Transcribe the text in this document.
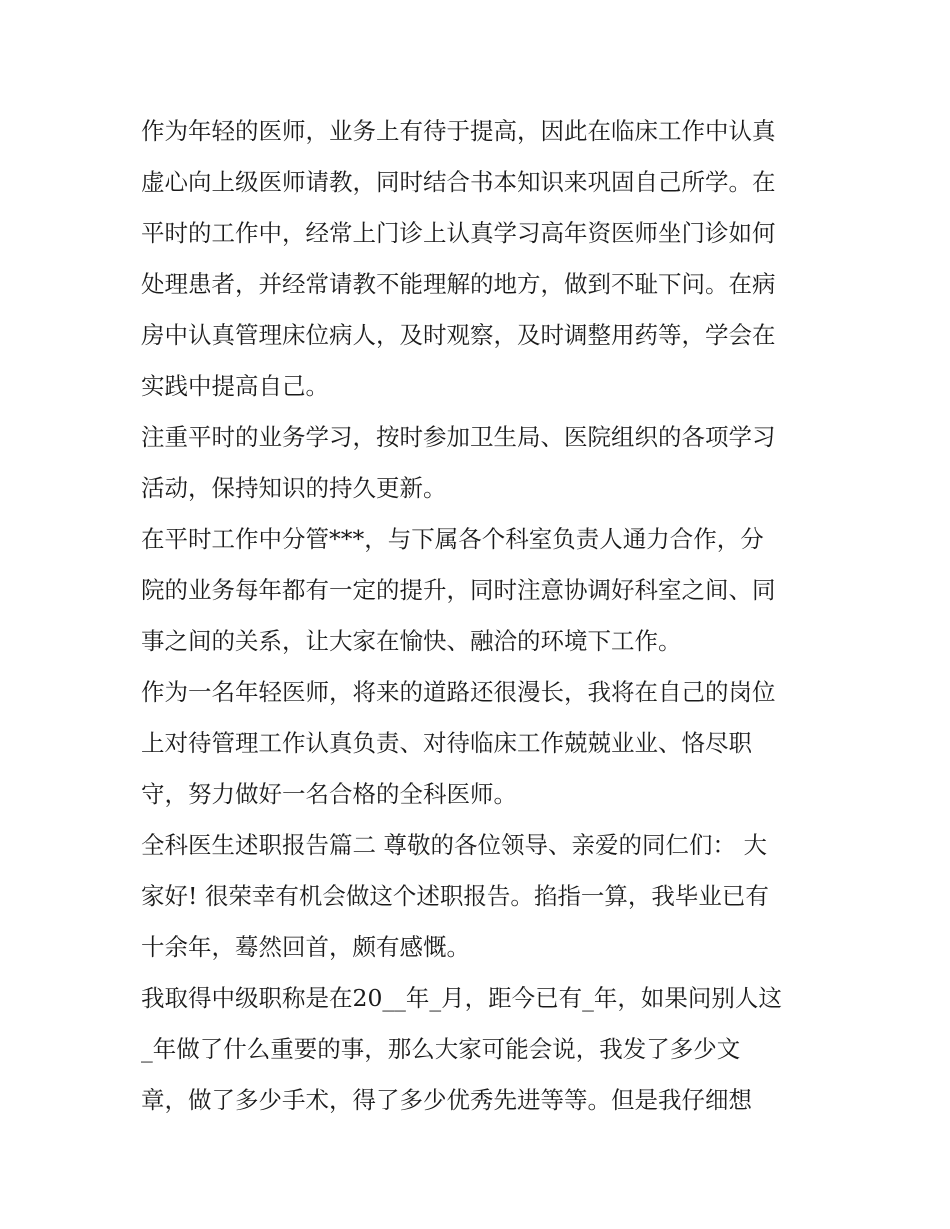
作为年轻的医师，业务上有待于提高，因此在临床工作中认真
虚心向上级医师请教，同时结合书本知识来巩固自己所学。在
平时的工作中，经常上门诊上认真学习高年资医师坐门诊如何
处理患者，并经常请教不能理解的地方，做到不耻下问。在病
房中认真管理床位病人，及时观察，及时调整用药等，学会在
实践中提高自己。
注重平时的业务学习，按时参加卫生局、医院组织的各项学习
活动，保持知识的持久更新。
在平时工作中分管***，与下属各个科室负责人通力合作，分
院的业务每年都有一定的提升，同时注意协调好科室之间、同
事之间的关系，让大家在愉快、融洽的环境下工作。
作为一名年轻医师，将来的道路还很漫长，我将在自己的岗位
上对待管理工作认真负责、对待临床工作兢兢业业、恪尽职
守，努力做好一名合格的全科医师。
全科医生述职报告篇二 尊敬的各位领导、亲爱的同仁们： 大
家好! 很荣幸有机会做这个述职报告。掐指一算，我毕业已有
十余年，蓦然回首，颇有感慨。
我取得中级职称是在20__年_月，距今已有_年，如果问别人这
_年做了什么重要的事，那么大家可能会说，我发了多少文
章，做了多少手术，得了多少优秀先进等等。但是我仔细想
